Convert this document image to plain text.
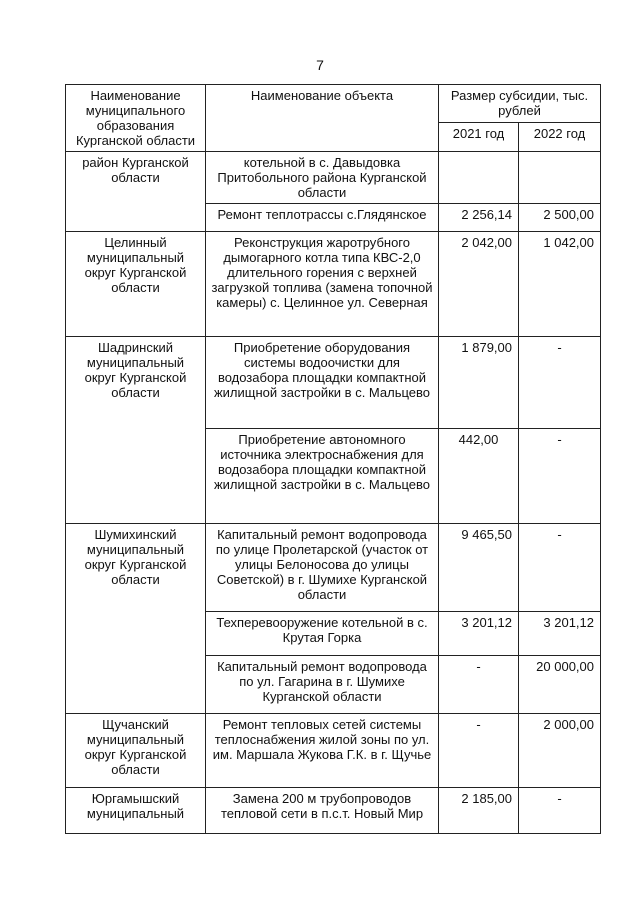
7
Наименование муниципального образования Курганской области	Наименование объекта	Размер субсидии, тыс. рублей	
		2021 год	2022 год
район Курганской области	котельной в с. Давыдовка Притобольного района Курганской области		
	Ремонт теплотрассы с.Глядянское	2 256,14	2 500,00
Целинный муниципальный округ Курганской области	Реконструкция жаротрубного дымогарного котла типа КВС-2,0 длительного горения с верхней загрузкой топлива (замена топочной камеры) с. Целинное ул. Северная	2 042,00	1 042,00
Шадринский муниципальный округ Курганской области	Приобретение оборудования системы водоочистки для водозабора площадки компактной жилищной застройки в с. Мальцево	1 879,00	-
	Приобретение автономного источника электроснабжения для водозабора площадки компактной жилищной застройки в с. Мальцево	442,00	-
Шумихинский муниципальный округ Курганской области	Капитальный ремонт водопровода по улице Пролетарской (участок от улицы Белоносова до улицы Советской) в г. Шумихе Курганской области	9 465,50	-
	Техперевооружение котельной в с. Крутая Горка	3 201,12	3 201,12
	Капитальный ремонт водопровода по ул. Гагарина в г. Шумихе Курганской области	-	20 000,00
Щучанский муниципальный округ Курганской области	Ремонт тепловых сетей системы теплоснабжения жилой зоны по ул. им. Маршала Жукова Г.К. в г. Щучье	-	2 000,00
Юргамышский муниципальный	Замена 200 м трубопроводов тепловой сети в п.с.т. Новый Мир	2 185,00	-
